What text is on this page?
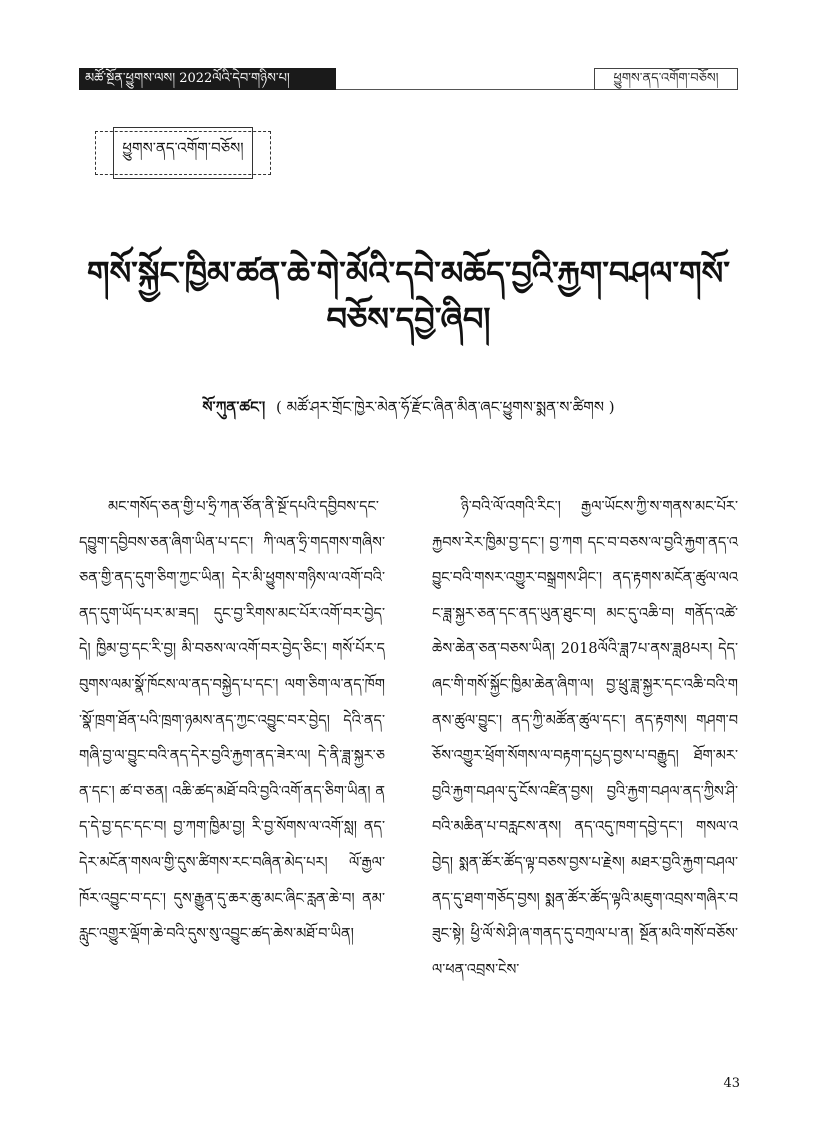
མཚོ་སྔོན་ཕྱུགས་ལས། 2022ལོའི་དེབ་གཉིས་པ།	ཕྱུགས་ནད་འགོག་བཅོས།
ཕྱུགས་ནད་འགོག་བཅོས།
གསོ་སྐྱོང་ཁྱིམ་ཚན་ཆེ་གེ་མོའི་དབེ་མཆོད་བྱའི་རྐྱག་བཤལ་གསོ་བཅོས་དབྱེ་ཞིབ།
སོ་ཀུན་ཚང་། ( མཚོ་ཤར་གྲོང་ཁྱེར་མེན་ཧོ་རྫོང་ཞིན་མིན་ཞང་ཕྱུགས་སྨན་ས་ཚིགས )
མང་གསོད་ཅན་གྱི་པ་ཧྲི་ཀན་ཙོན་ནི་སྔོ་དཔའི་དབྱིབས་དང་དབྱུག་དབྱིབས་ཅན་ཞིག་ཡིན་པ་དང་། ཀི་ལན་ཧྲི་གདགས་གཞིས་ཅན་གྱི་ནད་དུག་ཅིག་ཀྱང་ཡིན། དེར་མི་ཕྱུགས་གཉིས་ལ་འགོ་བའི་ནད་དུག་ཡོད་པར་མ་ཟད། དུང་བྱ་རིགས་མང་པོར་འགོ་བར་བྱེད་དེ། ཁྱིམ་བྱ་དང་རི་བྱ། མི་བཅས་ལ་འགོ་བར་བྱེད་ཅིང་། གསོ་པོར་དབུགས་ལམ་སྣོ་ཁོངས་ལ་ནད་བསྐྱེད་པ་དང་། ལག་ཅིག་ལ་ནད་ཁོག་སྣོ་ཁྲག་ཐོན་པའི་ཁྲག་ཉམས་ནད་ཀྱང་འབྱུང་བར་བྱེད། དེའི་ནད་གཞི་བྱ་ལ་བྱུང་བའི་ནད་དེར་བྱའི་རྐྱག་ནད་ཟེར་ལ། དེ་ནི་ཟླ་སྐྱར་ཅན་དང་། ཚ་བ་ཅན། འཆི་ཚད་མཐོ་བའི་བྱའི་འགོ་ནད་ཅིག་ཡིན། ནད་དེ་བྱ་དང་དང་བ། བྱ་ཀག་ཁྱིམ་བྱ། རི་བྱ་སོགས་ལ་འགོ་སླ། ནད་དེར་མངོན་གསལ་གྱི་དུས་ཚིགས་རང་བཞིན་མེད་པར། ལོ་རྒྱལ་ཁོར་འབྱུང་བ་དང་། དུས་རྒྱུན་དུ་ཆར་ཆུ་མང་ཞིང་རླན་ཆེ་བ། ནམ་རླུང་འགྱུར་ལྡོག་ཆེ་བའི་དུས་སུ་འབྱུང་ཚད་ཆེས་མཐོ་བ་ཡིན།
ཉི་བའི་ལོ་འགའི་རིང་། རྒྱལ་ཡོངས་ཀྱི་ས་གནས་མང་པོར་རྐྱབས་རེར་ཁྱིམ་བྱ་དང་། བྱ་ཀག དང་བ་བཅས་ལ་བྱའི་རྐྱག་ནད་འབྱུང་བའི་གསར་འགྱུར་བསྒྲགས་ཤིང་། ནད་རྟགས་མངོན་ཚུལ་ལའང་ཟླ་སྐྱར་ཅན་དང་ནད་ཡུན་ཐུང་བ། མང་དུ་འཆི་བ། གནོད་འཚེ་ཆེས་ཆེན་ཅན་བཅས་ཡིན། 2018ལོའི་ཟླ7པ་ནས་ཟླ8པར། དེད་ཞང་གི་གསོ་སྐྱོང་ཁྱིམ་ཆེན་ཞིག་ལ། བྱ་ཕྲུ་ཟླ་སྐྱར་དང་འཆི་བའི་གནས་ཚུལ་བྱུང་། ནད་ཀྱི་མཚོན་ཚུལ་དང་། ནད་རྟགས། གཤག་བཅོས་འགྱུར་ཕྲོག་སོགས་ལ་བརྟག་དཔྱད་བྱས་པ་བརྒྱུད། ཐོག་མར་བྱའི་རྐྱག་བཤལ་དུ་ངོས་འཛིན་བྱས། བྱའི་རྐྱག་བཤལ་ནད་ཀྱིས་ཤི་བའི་མཆིན་པ་བརླངས་ནས། ནད་འདུ་ཁག་དབྱེ་དང་། གསལ་འབྱེད། སྨན་ཚོར་ཚོད་ལྟ་བཅས་བྱས་པ་རྗེས། མཐར་བྱའི་རྐྱག་བཤལ་ནད་དུ་ཐག་གཅོད་བྱས། སྨན་ཚོར་ཚོད་ལྟའི་མཇུག་འབྲས་གཞིར་བཟུང་སྟེ། ཕྱི་ལོ་སེ་ཤི་ཞ་གནད་དུ་བཀྲལ་པ་ན། སྔོན་མའི་གསོ་བཅོས་ལ་ཕན་འབྲས་ངེས་
43
